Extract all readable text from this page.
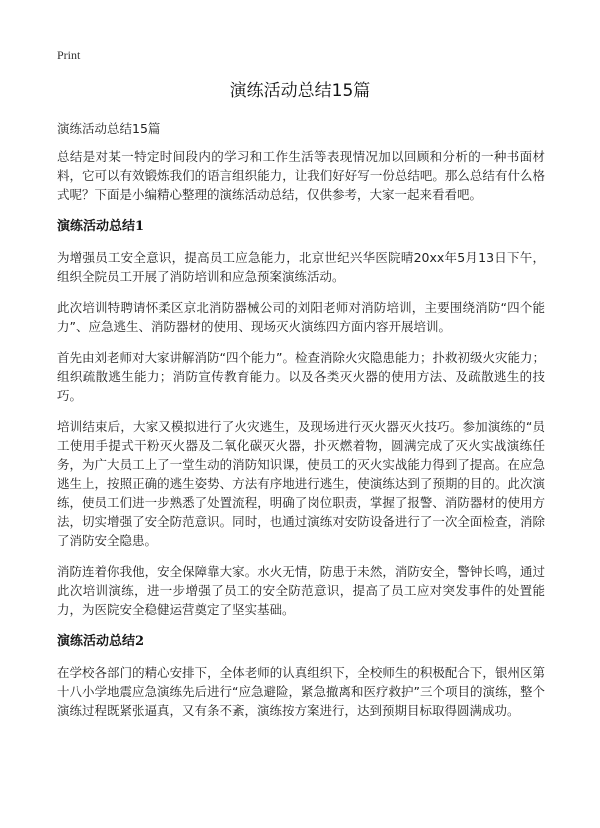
Print
演练活动总结15篇
演练活动总结15篇

总结是对某一特定时间段内的学习和工作生活等表现情况加以回顾和分析的一种书面材料，它可以有效锻炼我们的语言组织能力，让我们好好写一份总结吧。那么总结有什么格式呢？下面是小编精心整理的演练活动总结，仅供参考，大家一起来看看吧。

演练活动总结1

为增强员工安全意识，提高员工应急能力，北京世纪兴华医院晴20xx年5月13日下午，组织全院员工开展了消防培训和应急预案演练活动。

此次培训特聘请怀柔区京北消防器械公司的刘阳老师对消防培训，主要围绕消防“四个能力”、应急逃生、消防器材的使用、现场灭火演练四方面内容开展培训。

首先由刘老师对大家讲解消防“四个能力”。检查消除火灾隐患能力；扑救初级火灾能力；组织疏散逃生能力；消防宣传教育能力。以及各类灭火器的使用方法、及疏散逃生的技巧。

培训结束后，大家又模拟进行了火灾逃生，及现场进行灭火器灭火技巧。参加演练的“员工使用手提式干粉灭火器及二氧化碳灭火器，扑灭燃着物，圆满完成了灭火实战演练任务，为广大员工上了一堂生动的消防知识课，使员工的灭火实战能力得到了提高。在应急逃生上，按照正确的逃生姿势、方法有序地进行逃生，使演练达到了预期的目的。此次演练，使员工们进一步熟悉了处置流程，明确了岗位职责，掌握了报警、消防器材的使用方法，切实增强了安全防范意识。同时，也通过演练对安防设备进行了一次全面检查，消除了消防安全隐患。

消防连着你我他，安全保障靠大家。水火无情，防患于未然，消防安全，警钟长鸣，通过此次培训演练，进一步增强了员工的安全防范意识，提高了员工应对突发事件的处置能力，为医院安全稳健运营奠定了坚实基础。

演练活动总结2

在学校各部门的精心安排下，全体老师的认真组织下，全校师生的积极配合下，银州区第十八小学地震应急演练先后进行“应急避险，紧急撤离和医疗救护”三个项目的演练，整个演练过程既紧张逼真，又有条不紊，演练按方案进行，达到预期目标取得圆满成功。
